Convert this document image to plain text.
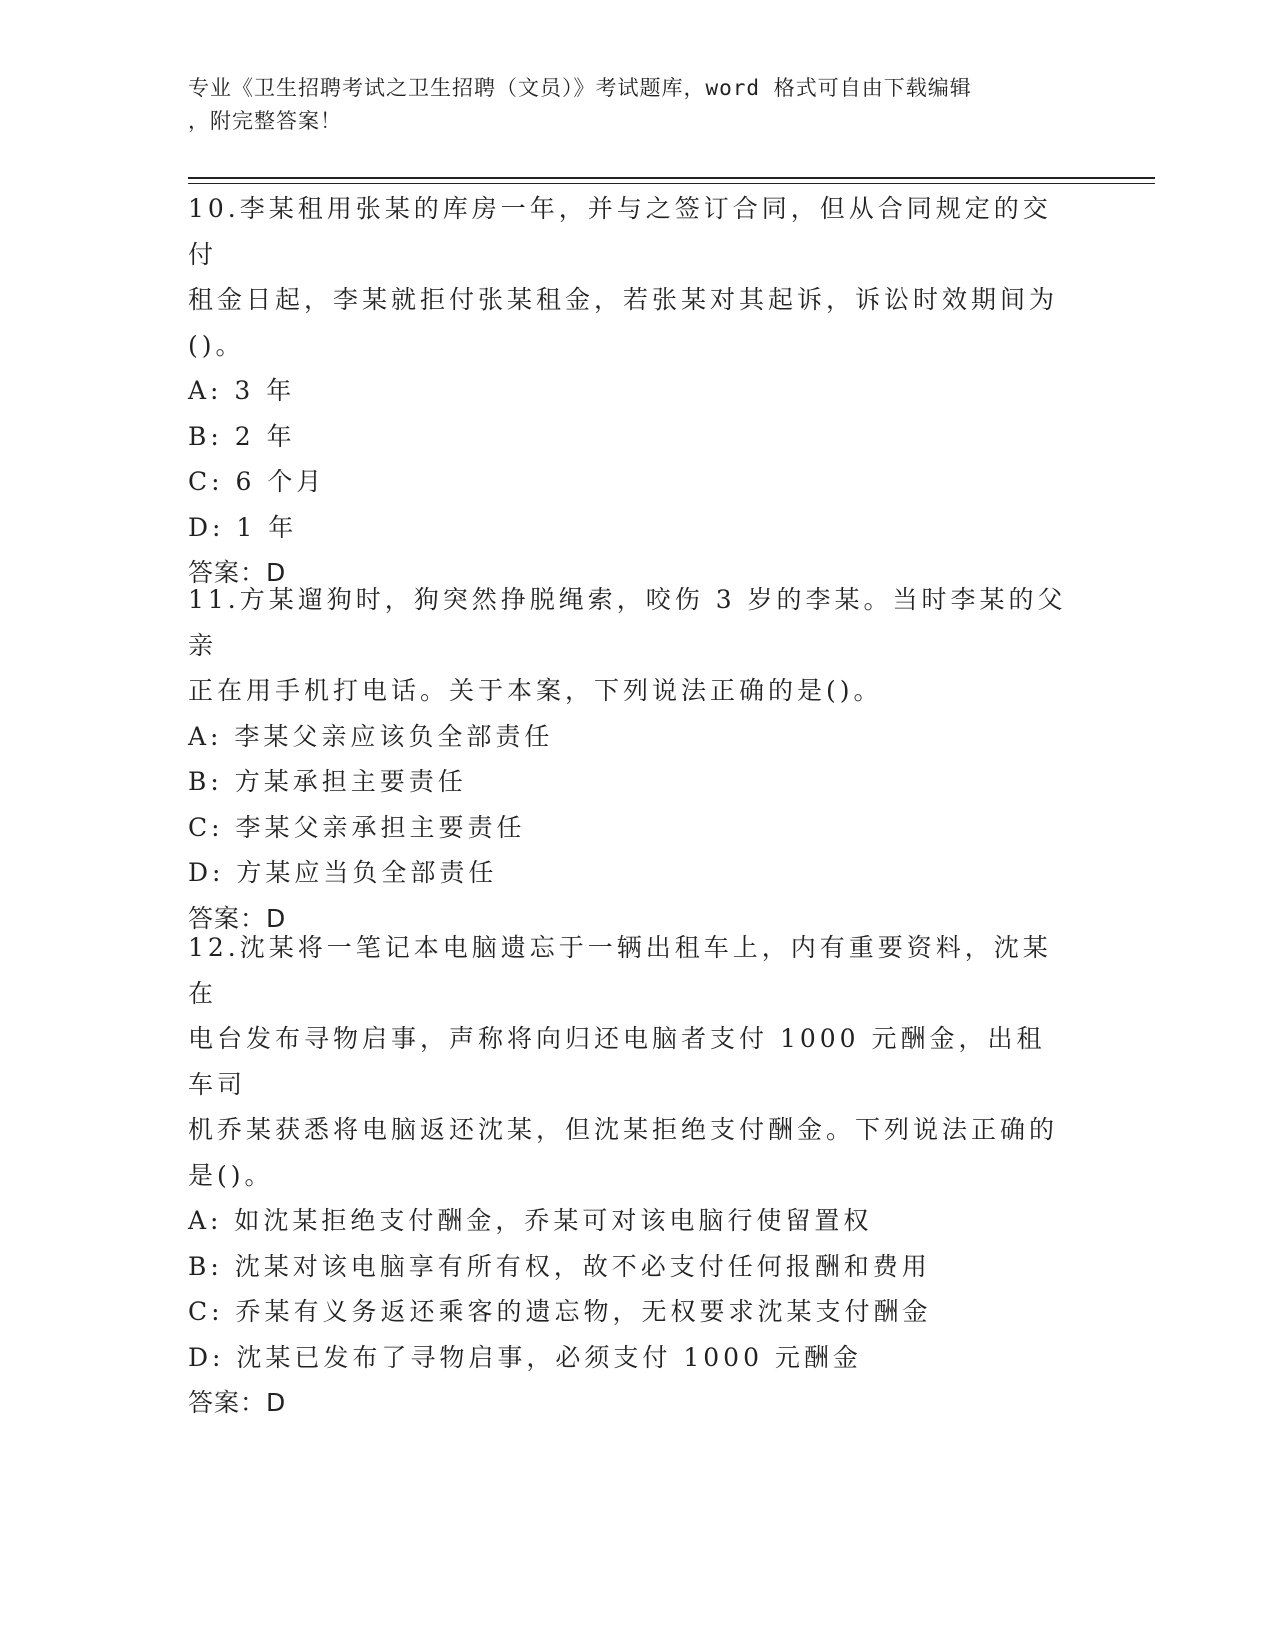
专业《卫生招聘考试之卫生招聘（文员）》考试题库，word 格式可自由下载编辑
，附完整答案！
10.李某租用张某的库房一年，并与之签订合同，但从合同规定的交付
租金日起，李某就拒付张某租金，若张某对其起诉，诉讼时效期间为
()。
A: 3 年
B: 2 年
C: 6 个月
D: 1 年
答案：D
11.方某遛狗时，狗突然挣脱绳索，咬伤 3 岁的李某。当时李某的父亲
正在用手机打电话。关于本案，下列说法正确的是()。
A: 李某父亲应该负全部责任
B: 方某承担主要责任
C: 李某父亲承担主要责任
D: 方某应当负全部责任
答案：D
12.沈某将一笔记本电脑遗忘于一辆出租车上，内有重要资料，沈某在
电台发布寻物启事，声称将向归还电脑者支付 1000 元酬金，出租车司
机乔某获悉将电脑返还沈某，但沈某拒绝支付酬金。下列说法正确的
是()。
A: 如沈某拒绝支付酬金，乔某可对该电脑行使留置权
B: 沈某对该电脑享有所有权，故不必支付任何报酬和费用
C: 乔某有义务返还乘客的遗忘物，无权要求沈某支付酬金
D: 沈某已发布了寻物启事，必须支付 1000 元酬金
答案：D
